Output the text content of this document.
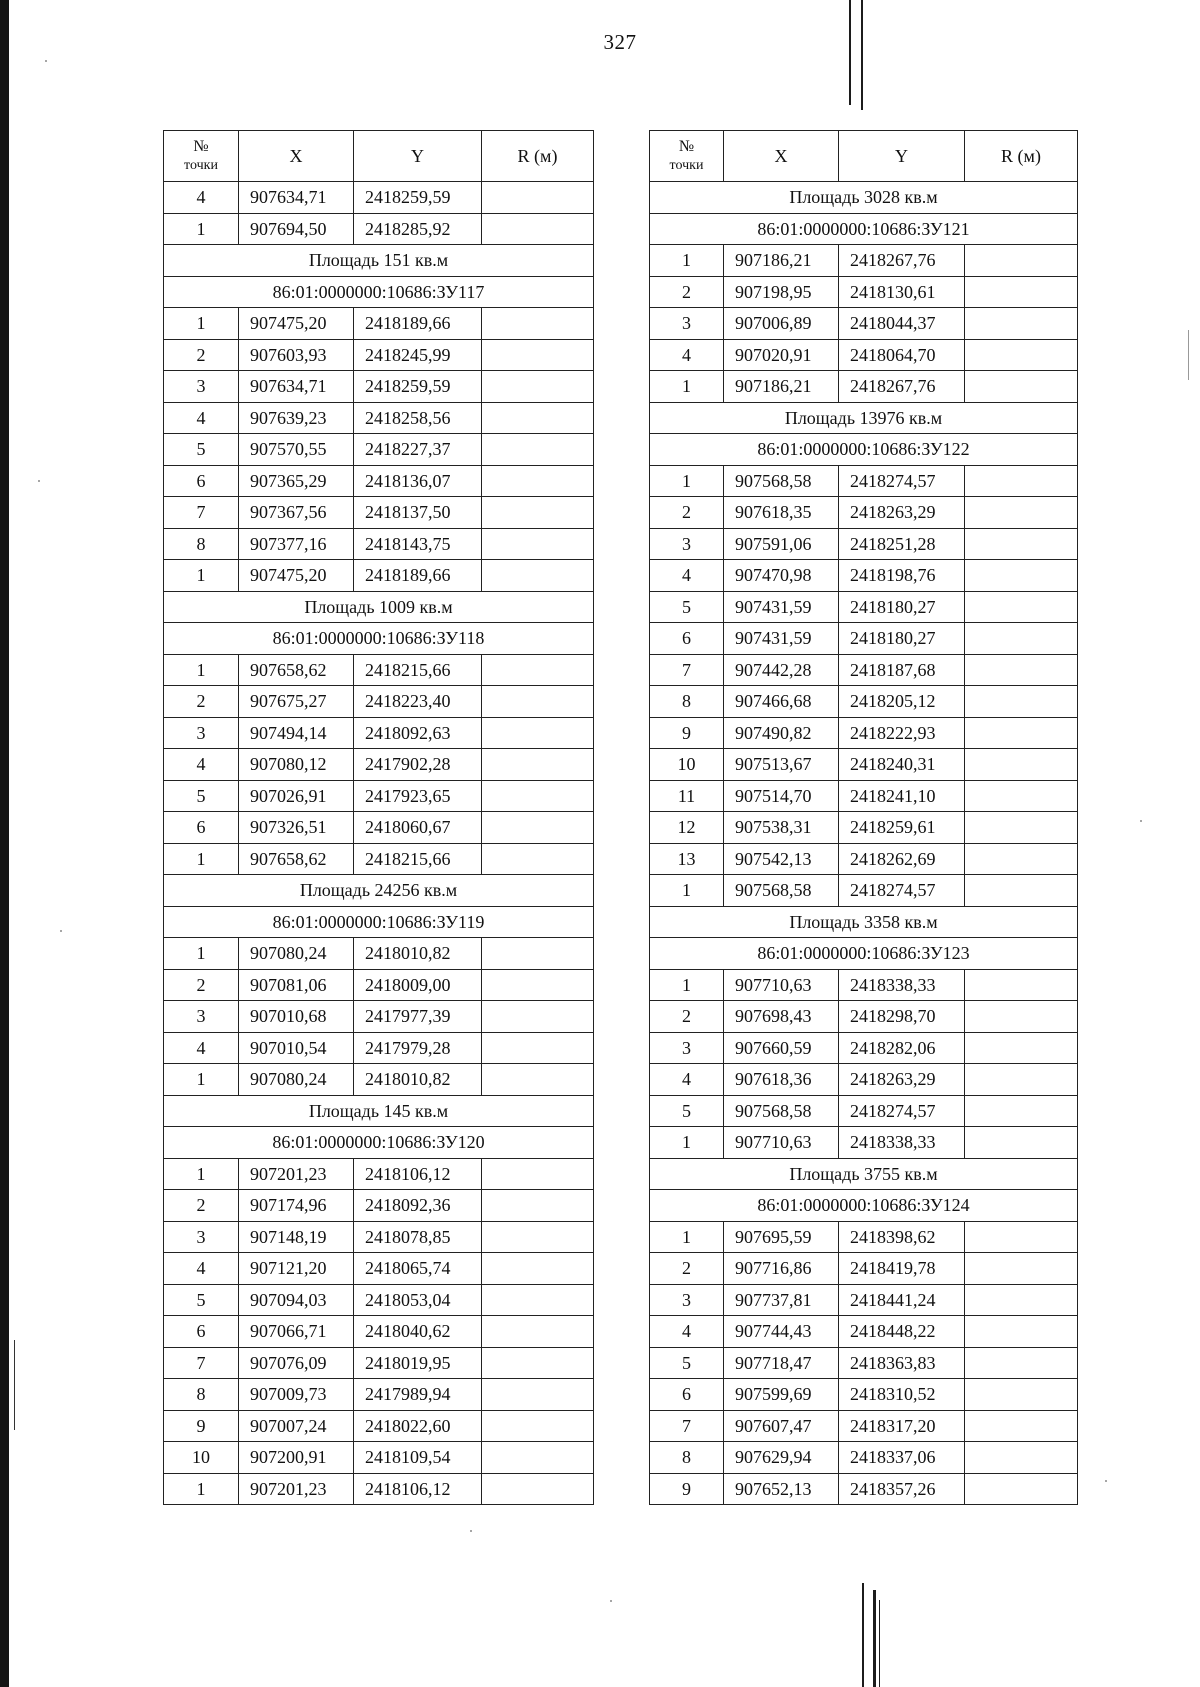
327
№
точки	X	Y	R (м)
4	907634,71	2418259,59	
1	907694,50	2418285,92	
Площадь 151 кв.м			
86:01:0000000:10686:ЗУ117			
1	907475,20	2418189,66	
2	907603,93	2418245,99	
3	907634,71	2418259,59	
4	907639,23	2418258,56	
5	907570,55	2418227,37	
6	907365,29	2418136,07	
7	907367,56	2418137,50	
8	907377,16	2418143,75	
1	907475,20	2418189,66	
Площадь 1009 кв.м			
86:01:0000000:10686:ЗУ118			
1	907658,62	2418215,66	
2	907675,27	2418223,40	
3	907494,14	2418092,63	
4	907080,12	2417902,28	
5	907026,91	2417923,65	
6	907326,51	2418060,67	
1	907658,62	2418215,66	
Площадь 24256 кв.м			
86:01:0000000:10686:ЗУ119			
1	907080,24	2418010,82	
2	907081,06	2418009,00	
3	907010,68	2417977,39	
4	907010,54	2417979,28	
1	907080,24	2418010,82	
Площадь 145 кв.м			
86:01:0000000:10686:ЗУ120			
1	907201,23	2418106,12	
2	907174,96	2418092,36	
3	907148,19	2418078,85	
4	907121,20	2418065,74	
5	907094,03	2418053,04	
6	907066,71	2418040,62	
7	907076,09	2418019,95	
8	907009,73	2417989,94	
9	907007,24	2418022,60	
10	907200,91	2418109,54	
1	907201,23	2418106,12	
№
точки	X	Y	R (м)
Площадь 3028 кв.м			
86:01:0000000:10686:ЗУ121			
1	907186,21	2418267,76	
2	907198,95	2418130,61	
3	907006,89	2418044,37	
4	907020,91	2418064,70	
1	907186,21	2418267,76	
Площадь 13976 кв.м			
86:01:0000000:10686:ЗУ122			
1	907568,58	2418274,57	
2	907618,35	2418263,29	
3	907591,06	2418251,28	
4	907470,98	2418198,76	
5	907431,59	2418180,27	
6	907431,59	2418180,27	
7	907442,28	2418187,68	
8	907466,68	2418205,12	
9	907490,82	2418222,93	
10	907513,67	2418240,31	
11	907514,70	2418241,10	
12	907538,31	2418259,61	
13	907542,13	2418262,69	
1	907568,58	2418274,57	
Площадь 3358 кв.м			
86:01:0000000:10686:ЗУ123			
1	907710,63	2418338,33	
2	907698,43	2418298,70	
3	907660,59	2418282,06	
4	907618,36	2418263,29	
5	907568,58	2418274,57	
1	907710,63	2418338,33	
Площадь 3755 кв.м			
86:01:0000000:10686:ЗУ124			
1	907695,59	2418398,62	
2	907716,86	2418419,78	
3	907737,81	2418441,24	
4	907744,43	2418448,22	
5	907718,47	2418363,83	
6	907599,69	2418310,52	
7	907607,47	2418317,20	
8	907629,94	2418337,06	
9	907652,13	2418357,26	
